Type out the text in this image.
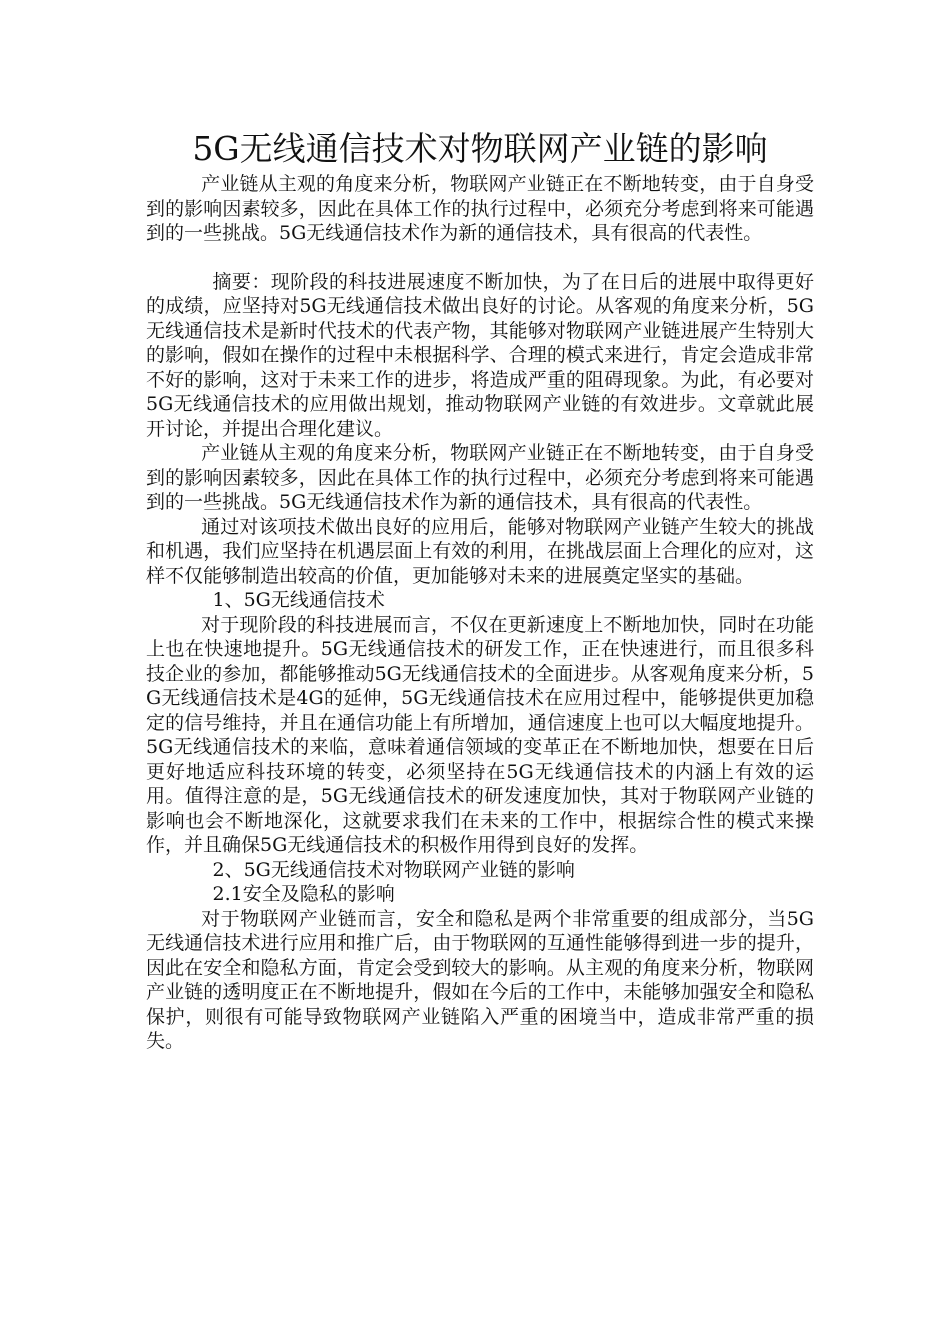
5G无线通信技术对物联网产业链的影响

产业链从主观的角度来分析，物联网产业链正在不断地转变，由于自身受到的影响因素较多，因此在具体工作的执行过程中，必须充分考虑到将来可能遇到的一些挑战。5G无线通信技术作为新的通信技术，具有很高的代表性。

摘要：现阶段的科技进展速度不断加快，为了在日后的进展中取得更好的成绩，应坚持对5G无线通信技术做出良好的讨论。从客观的角度来分析，5G无线通信技术是新时代技术的代表产物，其能够对物联网产业链进展产生特别大的影响，假如在操作的过程中未根据科学、合理的模式来进行，肯定会造成非常不好的影响，这对于未来工作的进步，将造成严重的阻碍现象。为此，有必要对5G无线通信技术的应用做出规划，推动物联网产业链的有效进步。文章就此展开讨论，并提出合理化建议。

产业链从主观的角度来分析，物联网产业链正在不断地转变，由于自身受到的影响因素较多，因此在具体工作的执行过程中，必须充分考虑到将来可能遇到的一些挑战。5G无线通信技术作为新的通信技术，具有很高的代表性。

通过对该项技术做出良好的应用后，能够对物联网产业链产生较大的挑战和机遇，我们应坚持在机遇层面上有效的利用，在挑战层面上合理化的应对，这样不仅能够制造出较高的价值，更加能够对未来的进展奠定坚实的基础。

1、5G无线通信技术

对于现阶段的科技进展而言，不仅在更新速度上不断地加快，同时在功能上也在快速地提升。5G无线通信技术的研发工作，正在快速进行，而且很多科技企业的参加，都能够推动5G无线通信技术的全面进步。从客观角度来分析，5G无线通信技术是4G的延伸，5G无线通信技术在应用过程中，能够提供更加稳定的信号维持，并且在通信功能上有所增加，通信速度上也可以大幅度地提升。5G无线通信技术的来临，意味着通信领域的变革正在不断地加快，想要在日后更好地适应科技环境的转变，必须坚持在5G无线通信技术的内涵上有效的运用。值得注意的是，5G无线通信技术的研发速度加快，其对于物联网产业链的影响也会不断地深化，这就要求我们在未来的工作中，根据综合性的模式来操作，并且确保5G无线通信技术的积极作用得到良好的发挥。

2、5G无线通信技术对物联网产业链的影响

2.1安全及隐私的影响

对于物联网产业链而言，安全和隐私是两个非常重要的组成部分，当5G无线通信技术进行应用和推广后，由于物联网的互通性能够得到进一步的提升，因此在安全和隐私方面，肯定会受到较大的影响。从主观的角度来分析，物联网产业链的透明度正在不断地提升，假如在今后的工作中，未能够加强安全和隐私保护，则很有可能导致物联网产业链陷入严重的困境当中，造成非常严重的损失。
